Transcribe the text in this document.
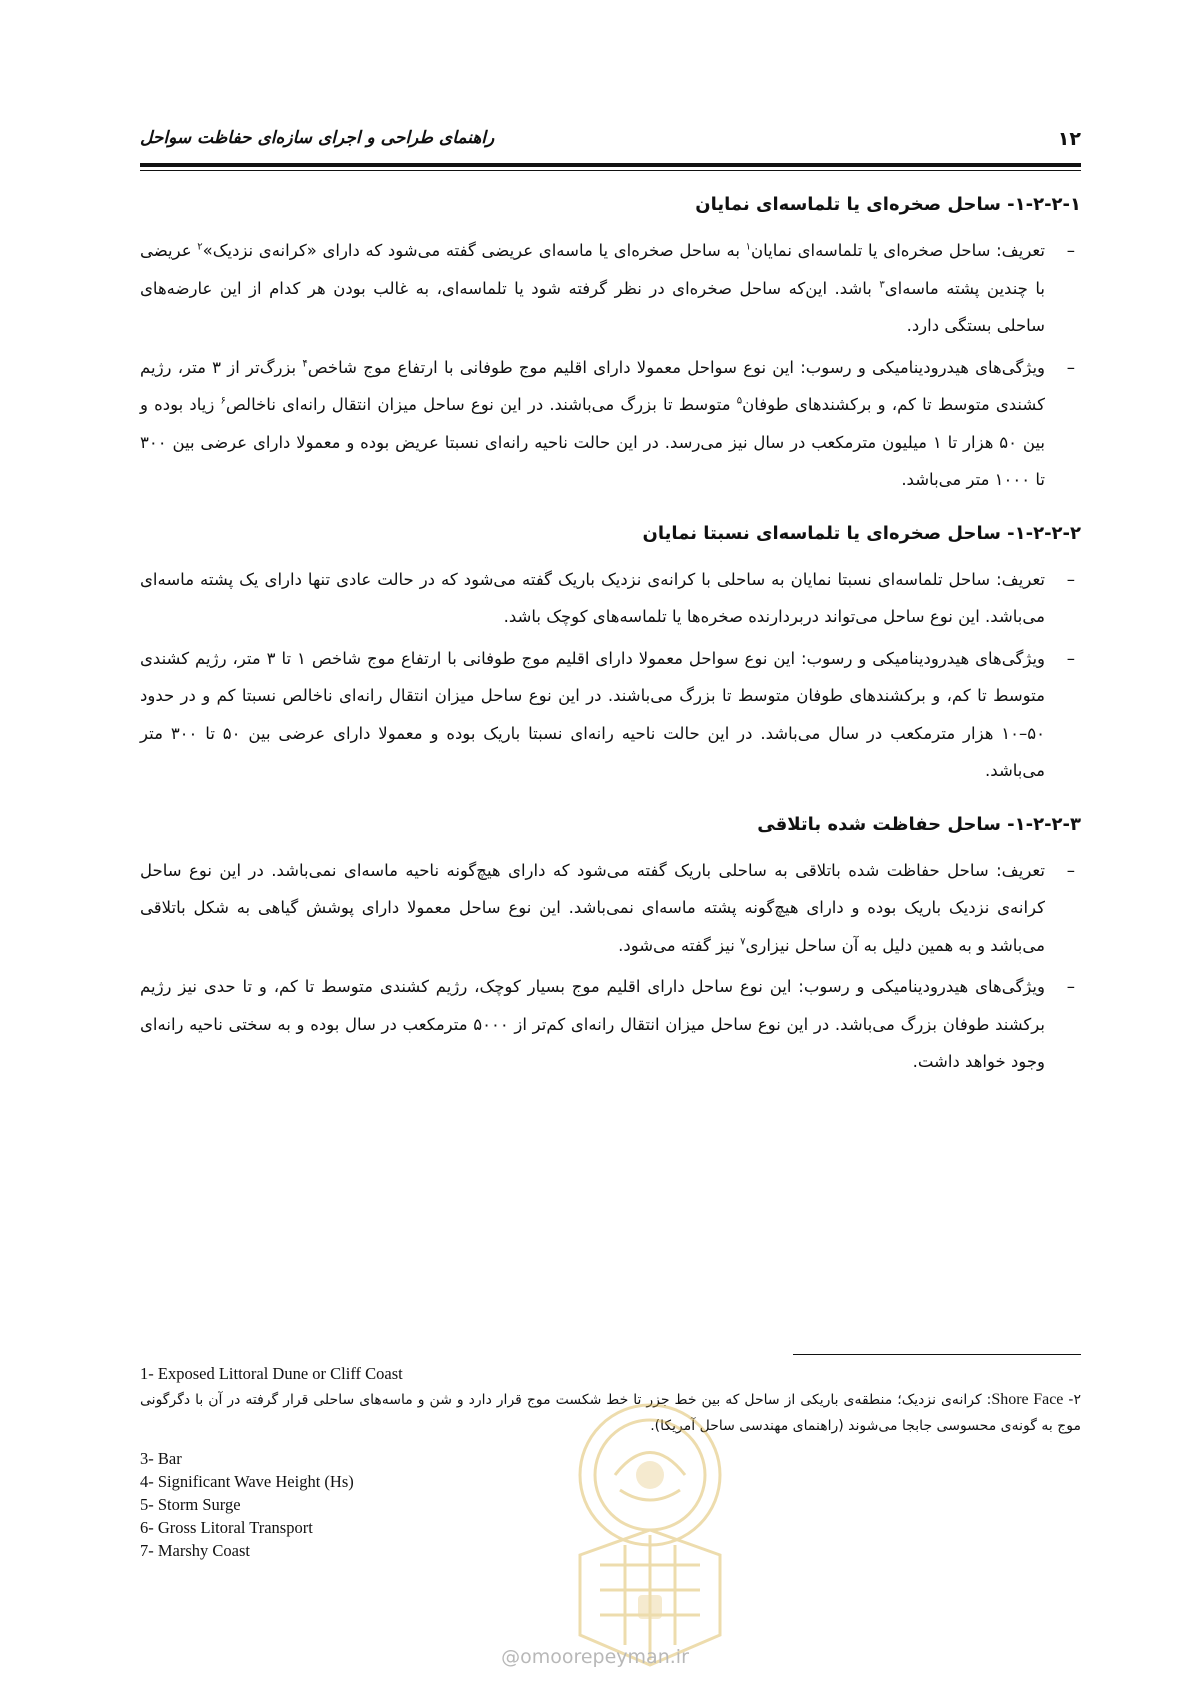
۱۲
راهنمای طراحی و اجرای سازه‌ای حفاظت سواحل
۱-۲-۲-۱- ساحل صخره‌ای یا تلماسه‌ای نمایان
–
تعریف: ساحل صخره‌ای یا تلماسه‌ای نمایان$^۱$ به ساحل صخره‌ای یا ماسه‌ای عریضی گفته می‌شود که دارای «کرانه‌ی نزدیک»$^۲$ عریضی با چندین پشته ماسه‌ای$^۳$ باشد. این‌که ساحل صخره‌ای در نظر گرفته شود یا تلماسه‌ای، به غالب بودن هر کدام از این عارضه‌های ساحلی بستگی دارد.
–
ویژگی‌های هیدرودینامیکی و رسوب: این نوع سواحل معمولا دارای اقلیم موج طوفانی با ارتفاع موج شاخص$^۴$ بزرگ‌تر از ۳ متر، رژیم کشندی متوسط تا کم، و برکشندهای طوفان$^۵$ متوسط تا بزرگ می‌باشند. در این نوع ساحل میزان انتقال رانه‌ای ناخالص$^۶$ زیاد بوده و بین ۵۰ هزار تا ۱ میلیون مترمکعب در سال نیز می‌رسد. در این حالت ناحیه رانه‌ای نسبتا عریض بوده و معمولا دارای عرضی بین ۳۰۰ تا ۱۰۰۰ متر می‌باشد.
۱-۲-۲-۲- ساحل صخره‌ای یا تلماسه‌ای نسبتا نمایان
–
تعریف: ساحل تلماسه‌ای نسبتا نمایان به ساحلی با کرانه‌ی نزدیک باریک گفته می‌شود که در حالت عادی تنها دارای یک پشته ماسه‌ای می‌باشد. این نوع ساحل می‌تواند دربردارنده صخره‌ها یا تلماسه‌های کوچک باشد.
–
ویژگی‌های هیدرودینامیکی و رسوب: این نوع سواحل معمولا دارای اقلیم موج طوفانی با ارتفاع موج شاخص ۱ تا ۳ متر، رژیم کشندی متوسط تا کم، و برکشندهای طوفان متوسط تا بزرگ می‌باشند. در این نوع ساحل میزان انتقال رانه‌ای ناخالص نسبتا کم و در حدود ۵۰–۱۰ هزار مترمکعب در سال می‌باشد. در این حالت ناحیه رانه‌ای نسبتا باریک بوده و معمولا دارای عرضی بین ۵۰ تا ۳۰۰ متر می‌باشد.
۱-۲-۲-۳- ساحل حفاظت شده باتلاقی
–
تعریف: ساحل حفاظت شده باتلاقی به ساحلی باریک گفته می‌شود که دارای هیچ‌گونه ناحیه ماسه‌ای نمی‌باشد. در این نوع ساحل کرانه‌ی نزدیک باریک بوده و دارای هیچ‌گونه پشته ماسه‌ای نمی‌باشد. این نوع ساحل معمولا دارای پوشش گیاهی به شکل باتلاقی می‌باشد و به همین دلیل به آن ساحل نیزاری$^۷$ نیز گفته می‌شود.
–
ویژگی‌های هیدرودینامیکی و رسوب: این نوع ساحل دارای اقلیم موج بسیار کوچک، رژیم کشندی متوسط تا کم، و تا حدی نیز رژیم برکشند طوفان بزرگ می‌باشد. در این نوع ساحل میزان انتقال رانه‌ای کم‌تر از ۵۰۰۰ مترمکعب در سال بوده و به سختی ناحیه رانه‌ای وجود خواهد داشت.
1- Exposed Littoral Dune or Cliff Coast
۲- Shore Face: کرانه‌ی نزدیک؛ منطقه‌ی باریکی از ساحل که بین خط جزر تا خط شکست موج قرار دارد و شن و ماسه‌های ساحلی قرار گرفته در آن با دگرگونی موج به گونه‌ی محسوسی جابجا می‌شوند (راهنمای مهندسی ساحل آمریکا).
3- Bar
4- Significant Wave Height (Hs)
5- Storm Surge
6- Gross Litoral Transport
7- Marshy Coast
@omoorepeyman.ir
